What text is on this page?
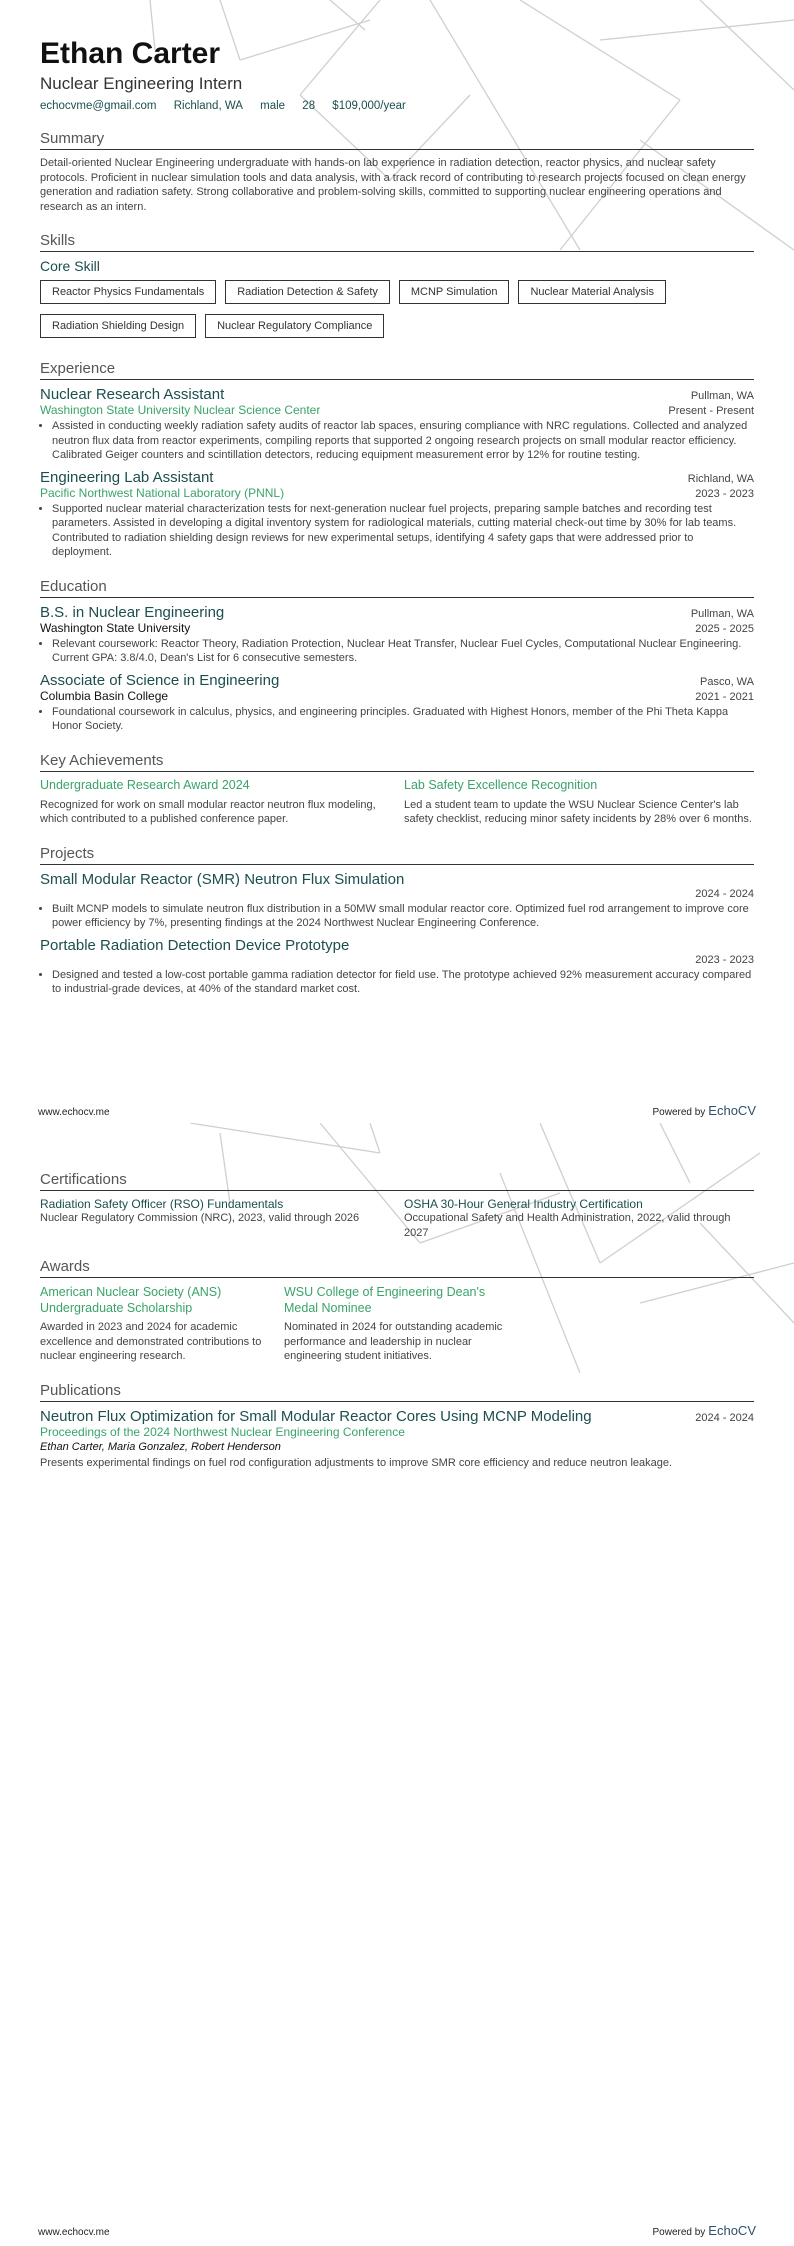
Ethan Carter
Nuclear Engineering Intern
echocvme@gmail.com Richland, WA male 28 $109,000/year
Summary
Detail-oriented Nuclear Engineering undergraduate with hands-on lab experience in radiation detection, reactor physics, and nuclear safety protocols. Proficient in nuclear simulation tools and data analysis, with a track record of contributing to research projects focused on clean energy generation and radiation safety. Strong collaborative and problem-solving skills, committed to supporting nuclear engineering operations and research as an intern.
Skills
Core Skill
Reactor Physics Fundamentals	Radiation Detection & Safety	MCNP Simulation	Nuclear Material Analysis
Radiation Shielding Design	Nuclear Regulatory Compliance
Experience
Nuclear Research Assistant	Pullman, WA
Washington State University Nuclear Science Center	Present - Present
• Assisted in conducting weekly radiation safety audits of reactor lab spaces, ensuring compliance with NRC regulations. Collected and analyzed neutron flux data from reactor experiments, compiling reports that supported 2 ongoing research projects on small modular reactor efficiency. Calibrated Geiger counters and scintillation detectors, reducing equipment measurement error by 12% for routine testing.
Engineering Lab Assistant	Richland, WA
Pacific Northwest National Laboratory (PNNL)	2023 - 2023
• Supported nuclear material characterization tests for next-generation nuclear fuel projects, preparing sample batches and recording test parameters. Assisted in developing a digital inventory system for radiological materials, cutting material check-out time by 30% for lab teams. Contributed to radiation shielding design reviews for new experimental setups, identifying 4 safety gaps that were addressed prior to deployment.
Education
B.S. in Nuclear Engineering	Pullman, WA
Washington State University	2025 - 2025
• Relevant coursework: Reactor Theory, Radiation Protection, Nuclear Heat Transfer, Nuclear Fuel Cycles, Computational Nuclear Engineering. Current GPA: 3.8/4.0, Dean's List for 6 consecutive semesters.
Associate of Science in Engineering	Pasco, WA
Columbia Basin College	2021 - 2021
• Foundational coursework in calculus, physics, and engineering principles. Graduated with Highest Honors, member of the Phi Theta Kappa Honor Society.
Key Achievements
Undergraduate Research Award 2024
Recognized for work on small modular reactor neutron flux modeling, which contributed to a published conference paper.
Lab Safety Excellence Recognition
Led a student team to update the WSU Nuclear Science Center's lab safety checklist, reducing minor safety incidents by 28% over 6 months.
Projects
Small Modular Reactor (SMR) Neutron Flux Simulation
2024 - 2024
• Built MCNP models to simulate neutron flux distribution in a 50MW small modular reactor core. Optimized fuel rod arrangement to improve core power efficiency by 7%, presenting findings at the 2024 Northwest Nuclear Engineering Conference.
Portable Radiation Detection Device Prototype
2023 - 2023
• Designed and tested a low-cost portable gamma radiation detector for field use. The prototype achieved 92% measurement accuracy compared to industrial-grade devices, at 40% of the standard market cost.
www.echocv.me	Powered by EchoCV
Certifications
Radiation Safety Officer (RSO) Fundamentals
Nuclear Regulatory Commission (NRC), 2023, valid through 2026
OSHA 30-Hour General Industry Certification
Occupational Safety and Health Administration, 2022, valid through 2027
Awards
American Nuclear Society (ANS) Undergraduate Scholarship
Awarded in 2023 and 2024 for academic excellence and demonstrated contributions to nuclear engineering research.
WSU College of Engineering Dean's Medal Nominee
Nominated in 2024 for outstanding academic performance and leadership in nuclear engineering student initiatives.
Publications
Neutron Flux Optimization for Small Modular Reactor Cores Using MCNP Modeling	2024 - 2024
Proceedings of the 2024 Northwest Nuclear Engineering Conference
Ethan Carter, Maria Gonzalez, Robert Henderson
Presents experimental findings on fuel rod configuration adjustments to improve SMR core efficiency and reduce neutron leakage.
www.echocv.me	Powered by EchoCV
